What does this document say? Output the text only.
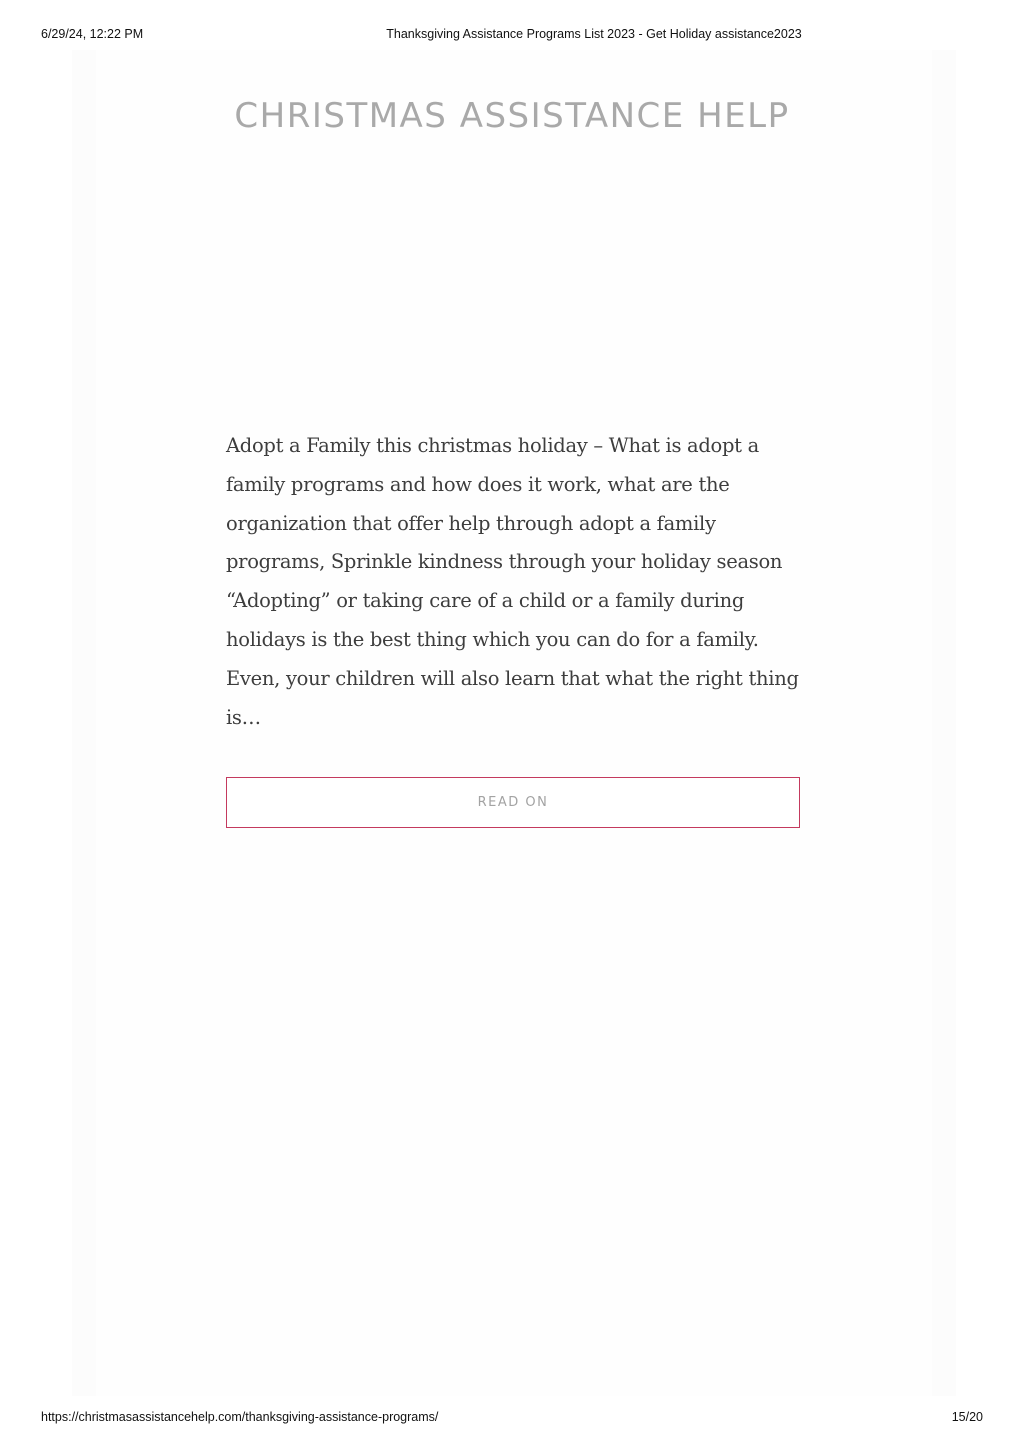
6/29/24, 12:22 PM	Thanksgiving Assistance Programs List 2023 - Get Holiday assistance2023
CHRISTMAS ASSISTANCE HELP

Adopt a Family this christmas holiday – What is adopt a family programs and how does it work, what are the organization that offer help through adopt a family programs, Sprinkle kindness through your holiday season “Adopting” or taking care of a child or a family during holidays is the best thing which you can do for a family. Even, your children will also learn that what the right thing is…

READ ON
https://christmasassistancehelp.com/thanksgiving-assistance-programs/	15/20
